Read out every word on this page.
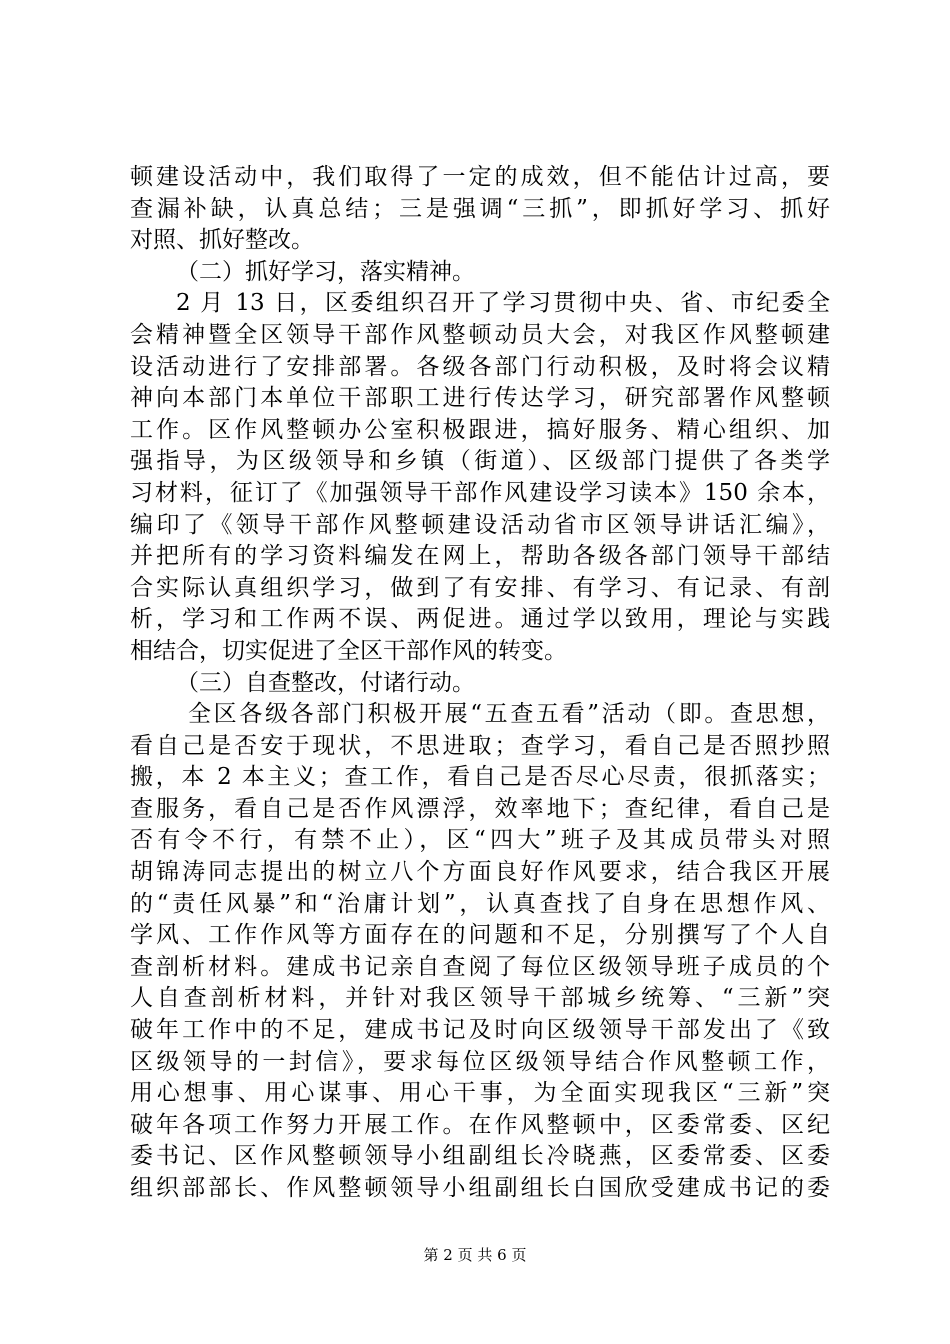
顿建设活动中，我们取得了一定的成效，但不能估计过高，要
查漏补缺，认真总结；三是强调“三抓”，即抓好学习、抓好
对照、抓好整改。
（二）抓好学习，落实精神。
2 月 13 日，区委组织召开了学习贯彻中央、省、市纪委全
会精神暨全区领导干部作风整顿动员大会，对我区作风整顿建
设活动进行了安排部署。各级各部门行动积极，及时将会议精
神向本部门本单位干部职工进行传达学习，研究部署作风整顿
工作。区作风整顿办公室积极跟进，搞好服务、精心组织、加
强指导，为区级领导和乡镇（街道）、区级部门提供了各类学
习材料，征订了《加强领导干部作风建设学习读本》150 余本，
编印了《领导干部作风整顿建设活动省市区领导讲话汇编》，
并把所有的学习资料编发在网上，帮助各级各部门领导干部结
合实际认真组织学习，做到了有安排、有学习、有记录、有剖
析，学习和工作两不误、两促进。通过学以致用，理论与实践
相结合，切实促进了全区干部作风的转变。
（三）自查整改，付诸行动。
全区各级各部门积极开展“五查五看”活动（即。查思想，
看自己是否安于现状，不思进取；查学习，看自己是否照抄照
搬，本 2 本主义；查工作，看自己是否尽心尽责，很抓落实；
查服务，看自己是否作风漂浮，效率地下；查纪律，看自己是
否有令不行，有禁不止），区“四大”班子及其成员带头对照
胡锦涛同志提出的树立八个方面良好作风要求，结合我区开展
的“责任风暴”和“治庸计划”，认真查找了自身在思想作风、
学风、工作作风等方面存在的问题和不足，分别撰写了个人自
查剖析材料。建成书记亲自查阅了每位区级领导班子成员的个
人自查剖析材料，并针对我区领导干部城乡统筹、“三新”突
破年工作中的不足，建成书记及时向区级领导干部发出了《致
区级领导的一封信》，要求每位区级领导结合作风整顿工作，
用心想事、用心谋事、用心干事，为全面实现我区“三新”突
破年各项工作努力开展工作。在作风整顿中，区委常委、区纪
委书记、区作风整顿领导小组副组长冷晓燕，区委常委、区委
组织部部长、作风整顿领导小组副组长白国欣受建成书记的委
第 2 页 共 6 页
